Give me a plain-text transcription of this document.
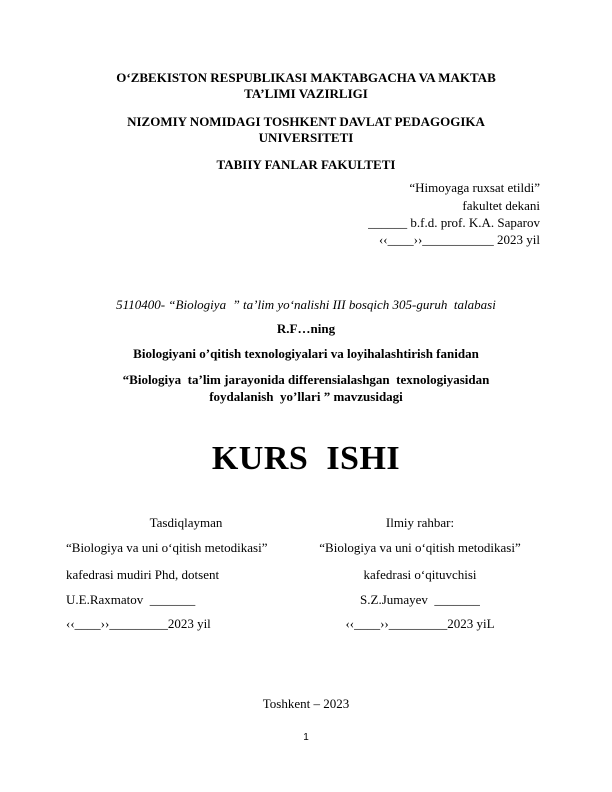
O‘ZBEKISTON RESPUBLIKASI MAKTABGACHA VA MAKTAB
TA’LIMI VAZIRLIGI
NIZOMIY NOMIDAGI TOSHKENT DAVLAT PEDAGOGIKA
UNIVERSITETI
TABIIY FANLAR FAKULTETI
“Himoyaga ruxsat etildi”
fakultet dekani
______ b.f.d. prof. K.A. Saparov
‹‹____››___________ 2023 yil
5110400- “Biologiya  ” ta’lim yo‘nalishi III bosqich 305-guruh  talabasi
R.F…ning
Biologiyani o’qitish texnologiyalari va loyihalashtirish fanidan
“Biologiya  ta’lim jarayonida differensialashgan  texnologiyasidan
foydalanish  yo’llari ” mavzusidagi
KURS  ISHI
Tasdiqlayman
“Biologiya va uni o‘qitish metodikasi”
kafedrasi mudiri Phd, dotsent
U.E.Raxmatov  _______
‹‹____››_________2023 yil
Ilmiy rahbar:
“Biologiya va uni o‘qitish metodikasi”
kafedrasi o‘qituvchisi
S.Z.Jumayev  _______
‹‹____››_________2023 yiL
Toshkent – 2023
1
